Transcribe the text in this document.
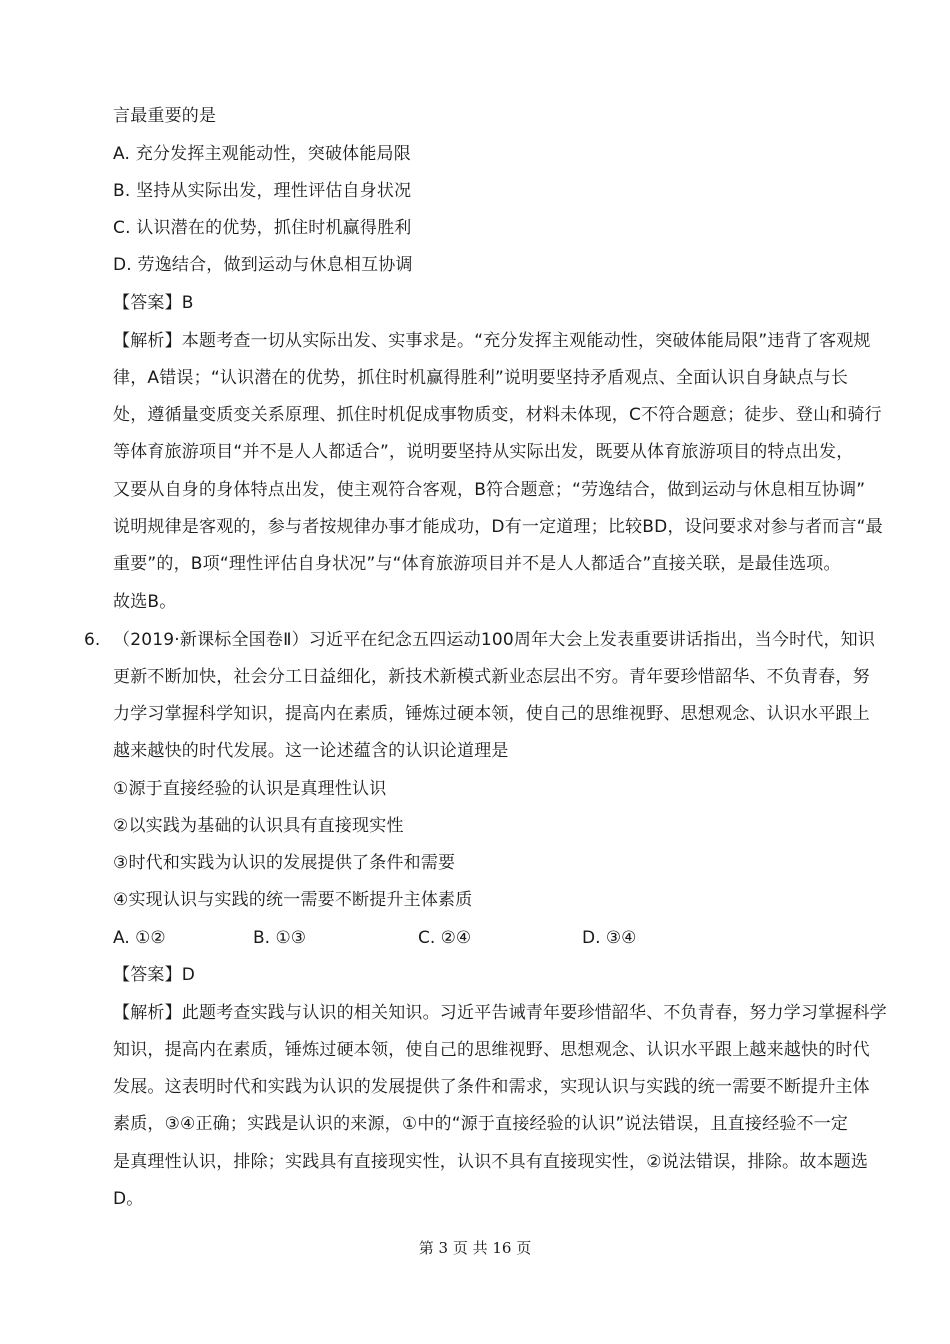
言最重要的是
A. 充分发挥主观能动性，突破体能局限
B. 坚持从实际出发，理性评估自身状况
C. 认识潜在的优势，抓住时机赢得胜利
D. 劳逸结合，做到运动与休息相互协调
【答案】B
【解析】本题考查一切从实际出发、实事求是。“充分发挥主观能动性，突破体能局限”违背了客观规
律，A错误；“认识潜在的优势，抓住时机赢得胜利”说明要坚持矛盾观点、全面认识自身缺点与长
处，遵循量变质变关系原理、抓住时机促成事物质变，材料未体现，C不符合题意；徒步、登山和骑行
等体育旅游项目“并不是人人都适合”，说明要坚持从实际出发，既要从体育旅游项目的特点出发，
又要从自身的身体特点出发，使主观符合客观，B符合题意；“劳逸结合，做到运动与休息相互协调”
说明规律是客观的，参与者按规律办事才能成功，D有一定道理；比较BD，设问要求对参与者而言“最
重要”的，B项“理性评估自身状况”与“体育旅游项目并不是人人都适合”直接关联，是最佳选项。
故选B。
6. （2019·新课标全国卷Ⅱ）习近平在纪念五四运动100周年大会上发表重要讲话指出，当今时代，知识
更新不断加快，社会分工日益细化，新技术新模式新业态层出不穷。青年要珍惜韶华、不负青春，努
力学习掌握科学知识，提高内在素质，锤炼过硬本领，使自己的思维视野、思想观念、认识水平跟上
越来越快的时代发展。这一论述蕴含的认识论道理是
①源于直接经验的认识是真理性认识
②以实践为基础的认识具有直接现实性
③时代和实践为认识的发展提供了条件和需要
④实现认识与实践的统一需要不断提升主体素质
A. ①②	B. ①③	C. ②④	D. ③④
【答案】D
【解析】此题考查实践与认识的相关知识。习近平告诫青年要珍惜韶华、不负青春，努力学习掌握科学
知识，提高内在素质，锤炼过硬本领，使自己的思维视野、思想观念、认识水平跟上越来越快的时代
发展。这表明时代和实践为认识的发展提供了条件和需求，实现认识与实践的统一需要不断提升主体
素质，③④正确；实践是认识的来源，①中的“源于直接经验的认识”说法错误，且直接经验不一定
是真理性认识，排除；实践具有直接现实性，认识不具有直接现实性，②说法错误，排除。故本题选
D。
第 3 页 共 16 页
